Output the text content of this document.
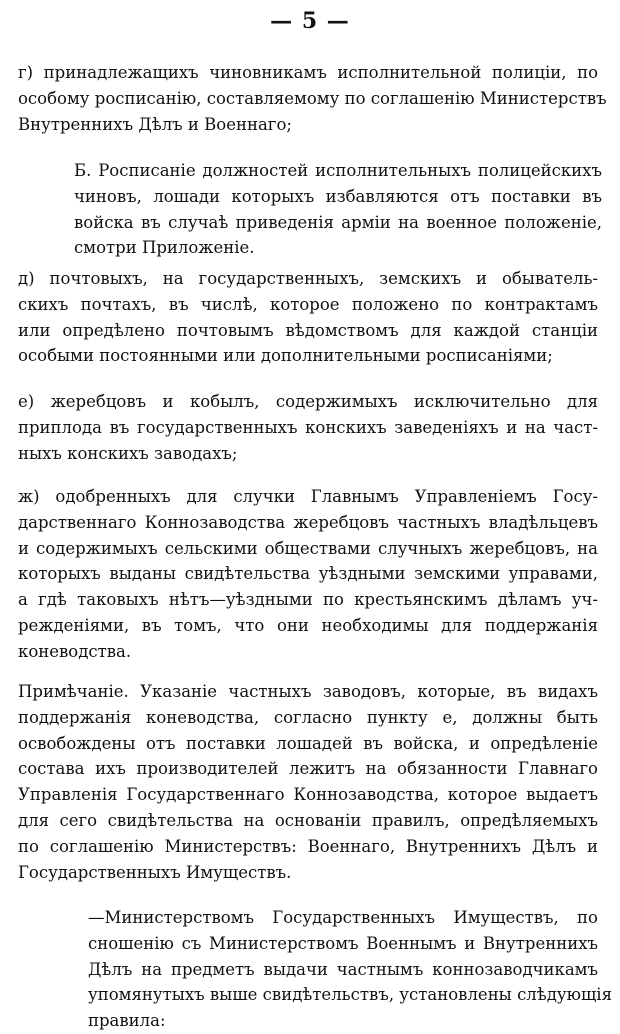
— 5 —
г) принадлежащихъ чиновникамъ исполнительной полиціи, по
особому росписанію, составляемому по соглашенію Министерствъ
Внутреннихъ Дѣлъ и Военнаго;
Б. Росписаніе должностей исполнительныхъ полицейскихъ
чиновъ, лошади которыхъ избавляются отъ поставки въ
войска въ случаѣ приведенія арміи на военное положеніе,
смотри Приложеніе.
д) почтовыхъ, на государственныхъ, земскихъ и обыватель-
скихъ почтахъ, въ числѣ, которое положено по контрактамъ
или опредѣлено почтовымъ вѣдомствомъ для каждой станціи
особыми постоянными или дополнительными росписаніями;
е) жеребцовъ и кобылъ, содержимыхъ исключительно для
приплода въ государственныхъ конскихъ заведеніяхъ и на част-
ныхъ конскихъ заводахъ;
ж) одобренныхъ для случки Главнымъ Управленіемъ Госу-
дарственнаго Коннозаводства жеребцовъ частныхъ владѣльцевъ
и содержимыхъ сельскими обществами случныхъ жеребцовъ, на
которыхъ выданы свидѣтельства уѣздными земскими управами,
а гдѣ таковыхъ нѣтъ—уѣздными по крестьянскимъ дѣламъ уч-
режденіями, въ томъ, что они необходимы для поддержанія
коневодства.
Примѣчаніе. Указаніе частныхъ заводовъ, которые, въ видахъ
поддержанія коневодства, согласно пункту е, должны быть
освобождены отъ поставки лошадей въ войска, и опредѣленіе
состава ихъ производителей лежитъ на обязанности Главнаго
Управленія Государственнаго Коннозаводства, которое выдаетъ
для сего свидѣтельства на основаніи правилъ, опредѣляемыхъ
по соглашенію Министерствъ: Военнаго, Внутреннихъ Дѣлъ и
Государственныхъ Имуществъ.
—Министерствомъ Государственныхъ Имуществъ, по
сношенію съ Министерствомъ Военнымъ и Внутреннихъ
Дѣлъ на предметъ выдачи частнымъ коннозаводчикамъ
упомянутыхъ выше свидѣтельствъ, установлены слѣдующія
правила:
